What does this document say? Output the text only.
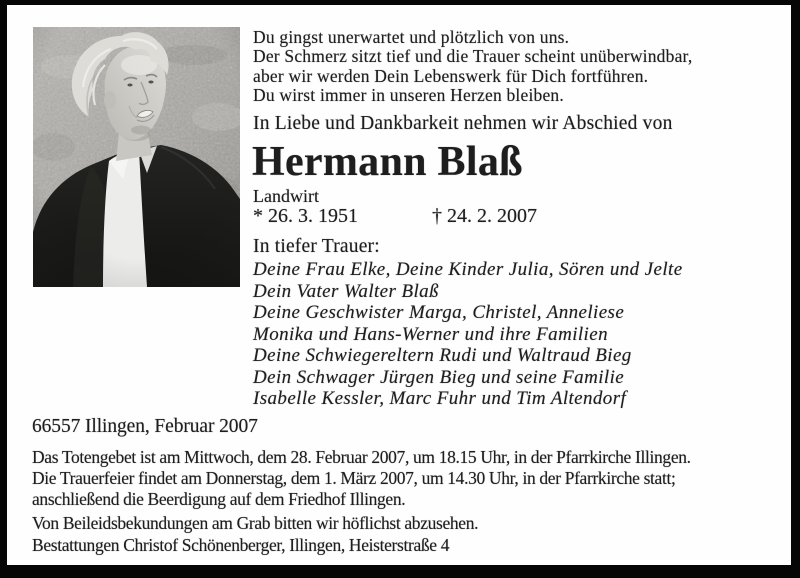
Du gingst unerwartet und plötzlich von uns.
Der Schmerz sitzt tief und die Trauer scheint unüberwindbar,
aber wir werden Dein Lebenswerk für Dich fortführen.
Du wirst immer in unseren Herzen bleiben.
In Liebe und Dankbarkeit nehmen wir Abschied von
Hermann Blaß
Landwirt
* 26. 3. 1951	† 24. 2. 2007
In tiefer Trauer:
Deine Frau Elke, Deine Kinder Julia, Sören und Jelte
Dein Vater Walter Blaß
Deine Geschwister Marga, Christel, Anneliese
Monika und Hans-Werner und ihre Familien
Deine Schwiegereltern Rudi und Waltraud Bieg
Dein Schwager Jürgen Bieg und seine Familie
Isabelle Kessler, Marc Fuhr und Tim Altendorf
66557 Illingen, Februar 2007
Das Totengebet ist am Mittwoch, dem 28. Februar 2007, um 18.15 Uhr, in der Pfarrkirche Illingen.
Die Trauerfeier findet am Donnerstag, dem 1. März 2007, um 14.30 Uhr, in der Pfarrkirche statt;
anschließend die Beerdigung auf dem Friedhof Illingen.
Von Beileidsbekundungen am Grab bitten wir höflichst abzusehen.
Bestattungen Christof Schönenberger, Illingen, Heisterstraße 4
